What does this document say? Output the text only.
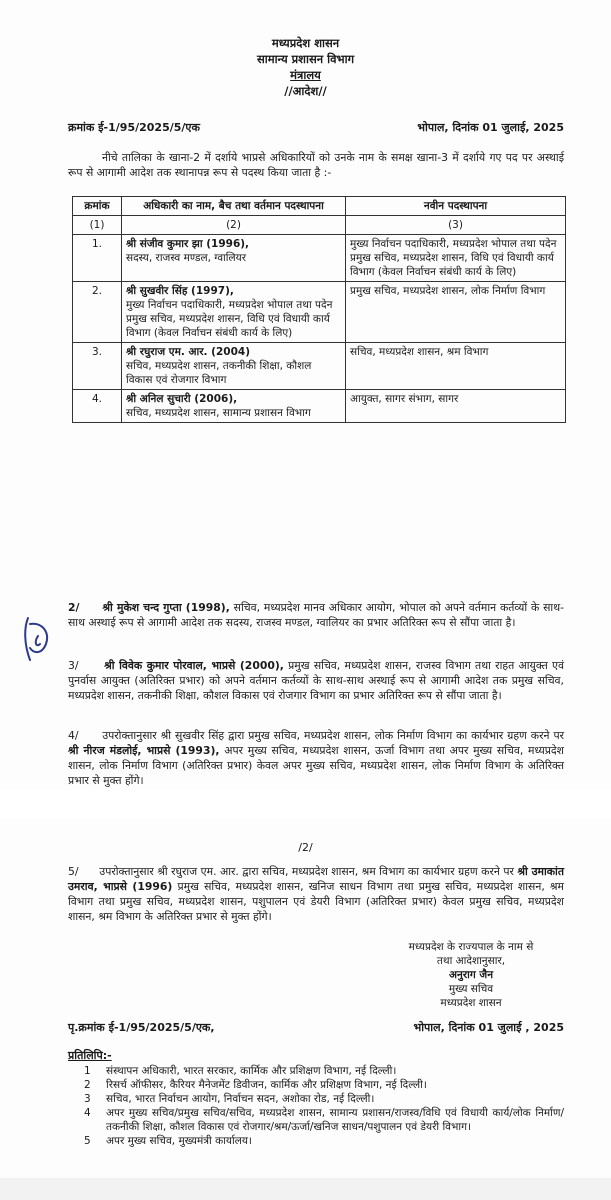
मध्यप्रदेश शासन
सामान्य प्रशासन विभाग
मंत्रालय
//आदेश//
क्रमांक ई-1/95/2025/5/एक	भोपाल, दिनांक 01 जुलाई, 2025
नीचे तालिका के खाना-2 में दर्शाये भाप्रसे अधिकारियों को उनके नाम के समक्ष खाना-3 में दर्शाये गए पद पर अस्थाई रूप से आगामी आदेश तक स्थानापन्न रूप से पदस्थ किया जाता है :-
क्रमांक	अधिकारी का नाम, बैच तथा वर्तमान पदस्थापना	नवीन पदस्थापना
(1)	(2)	(3)
1.	श्री संजीव कुमार झा (1996),
सदस्य, राजस्व मण्डल, ग्वालियर	मुख्य निर्वाचन पदाधिकारी, मध्यप्रदेश भोपाल तथा पदेन प्रमुख सचिव, मध्यप्रदेश शासन, विधि एवं विधायी कार्य विभाग (केवल निर्वाचन संबंधी कार्य के लिए)
2.	श्री सुखवीर सिंह (1997),
मुख्य निर्वाचन पदाधिकारी, मध्यप्रदेश भोपाल तथा पदेन प्रमुख सचिव, मध्यप्रदेश शासन, विधि एवं विधायी कार्य विभाग (केवल निर्वाचन संबंधी कार्य के लिए)	प्रमुख सचिव, मध्यप्रदेश शासन, लोक निर्माण विभाग
3.	श्री रघुराज एम. आर. (2004)
सचिव, मध्यप्रदेश शासन, तकनीकी शिक्षा, कौशल विकास एवं रोजगार विभाग	सचिव, मध्यप्रदेश शासन, श्रम विभाग
4.	श्री अनिल सुचारी (2006),
सचिव, मध्यप्रदेश शासन, सामान्य प्रशासन विभाग	आयुक्त, सागर संभाग, सागर
2/ श्री मुकेश चन्द गुप्ता (1998), सचिव, मध्यप्रदेश मानव अधिकार आयोग, भोपाल को अपने वर्तमान कर्तव्यों के साथ-साथ अस्थाई रूप से आगामी आदेश तक सदस्य, राजस्व मण्डल, ग्वालियर का प्रभार अतिरिक्त रूप से सौंपा जाता है।
3/ श्री विवेक कुमार पोरवाल, भाप्रसे (2000), प्रमुख सचिव, मध्यप्रदेश शासन, राजस्व विभाग तथा राहत आयुक्त एवं पुनर्वास आयुक्त (अतिरिक्त प्रभार) को अपने वर्तमान कर्तव्यों के साथ-साथ अस्थाई रूप से आगामी आदेश तक प्रमुख सचिव, मध्यप्रदेश शासन, तकनीकी शिक्षा, कौशल विकास एवं रोजगार विभाग का प्रभार अतिरिक्त रूप से सौंपा जाता है।
4/ उपरोक्तानुसार श्री सुखवीर सिंह द्वारा प्रमुख सचिव, मध्यप्रदेश शासन, लोक निर्माण विभाग का कार्यभार ग्रहण करने पर श्री नीरज मंडलोई, भाप्रसे (1993), अपर मुख्य सचिव, मध्यप्रदेश शासन, ऊर्जा विभाग तथा अपर मुख्य सचिव, मध्यप्रदेश शासन, लोक निर्माण विभाग (अतिरिक्त प्रभार) केवल अपर मुख्य सचिव, मध्यप्रदेश शासन, लोक निर्माण विभाग के अतिरिक्त प्रभार से मुक्त होंगे।
/2/
5/ उपरोक्तानुसार श्री रघुराज एम. आर. द्वारा सचिव, मध्यप्रदेश शासन, श्रम विभाग का कार्यभार ग्रहण करने पर श्री उमाकांत उमराव, भाप्रसे (1996) प्रमुख सचिव, मध्यप्रदेश शासन, खनिज साधन विभाग तथा प्रमुख सचिव, मध्यप्रदेश शासन, श्रम विभाग तथा प्रमुख सचिव, मध्यप्रदेश शासन, पशुपालन एवं डेयरी विभाग (अतिरिक्त प्रभार) केवल प्रमुख सचिव, मध्यप्रदेश शासन, श्रम विभाग के अतिरिक्त प्रभार से मुक्त होंगे।
मध्यप्रदेश के राज्यपाल के नाम से
तथा आदेशानुसार,
अनुराग जैन
मुख्य सचिव
मध्यप्रदेश शासन
पृ.क्रमांक ई-1/95/2025/5/एक,	भोपाल, दिनांक 01 जुलाई , 2025
प्रतिलिपि:-
1	संस्थापन अधिकारी, भारत सरकार, कार्मिक और प्रशिक्षण विभाग, नई दिल्ली।
2	रिसर्च ऑफीसर, कैरियर मैनेजमेंट डिवीजन, कार्मिक और प्रशिक्षण विभाग, नई दिल्ली।
3	सचिव, भारत निर्वाचन आयोग, निर्वाचन सदन, अशोका रोड, नई दिल्ली।
4	अपर मुख्य सचिव/प्रमुख सचिव/सचिव, मध्यप्रदेश शासन, सामान्य प्रशासन/राजस्व/विधि एवं विधायी कार्य/लोक निर्माण/तकनीकी शिक्षा, कौशल विकास एवं रोजगार/श्रम/ऊर्जा/खनिज साधन/पशुपालन एवं डेयरी विभाग।
5	अपर मुख्य सचिव, मुख्यमंत्री कार्यालय।
